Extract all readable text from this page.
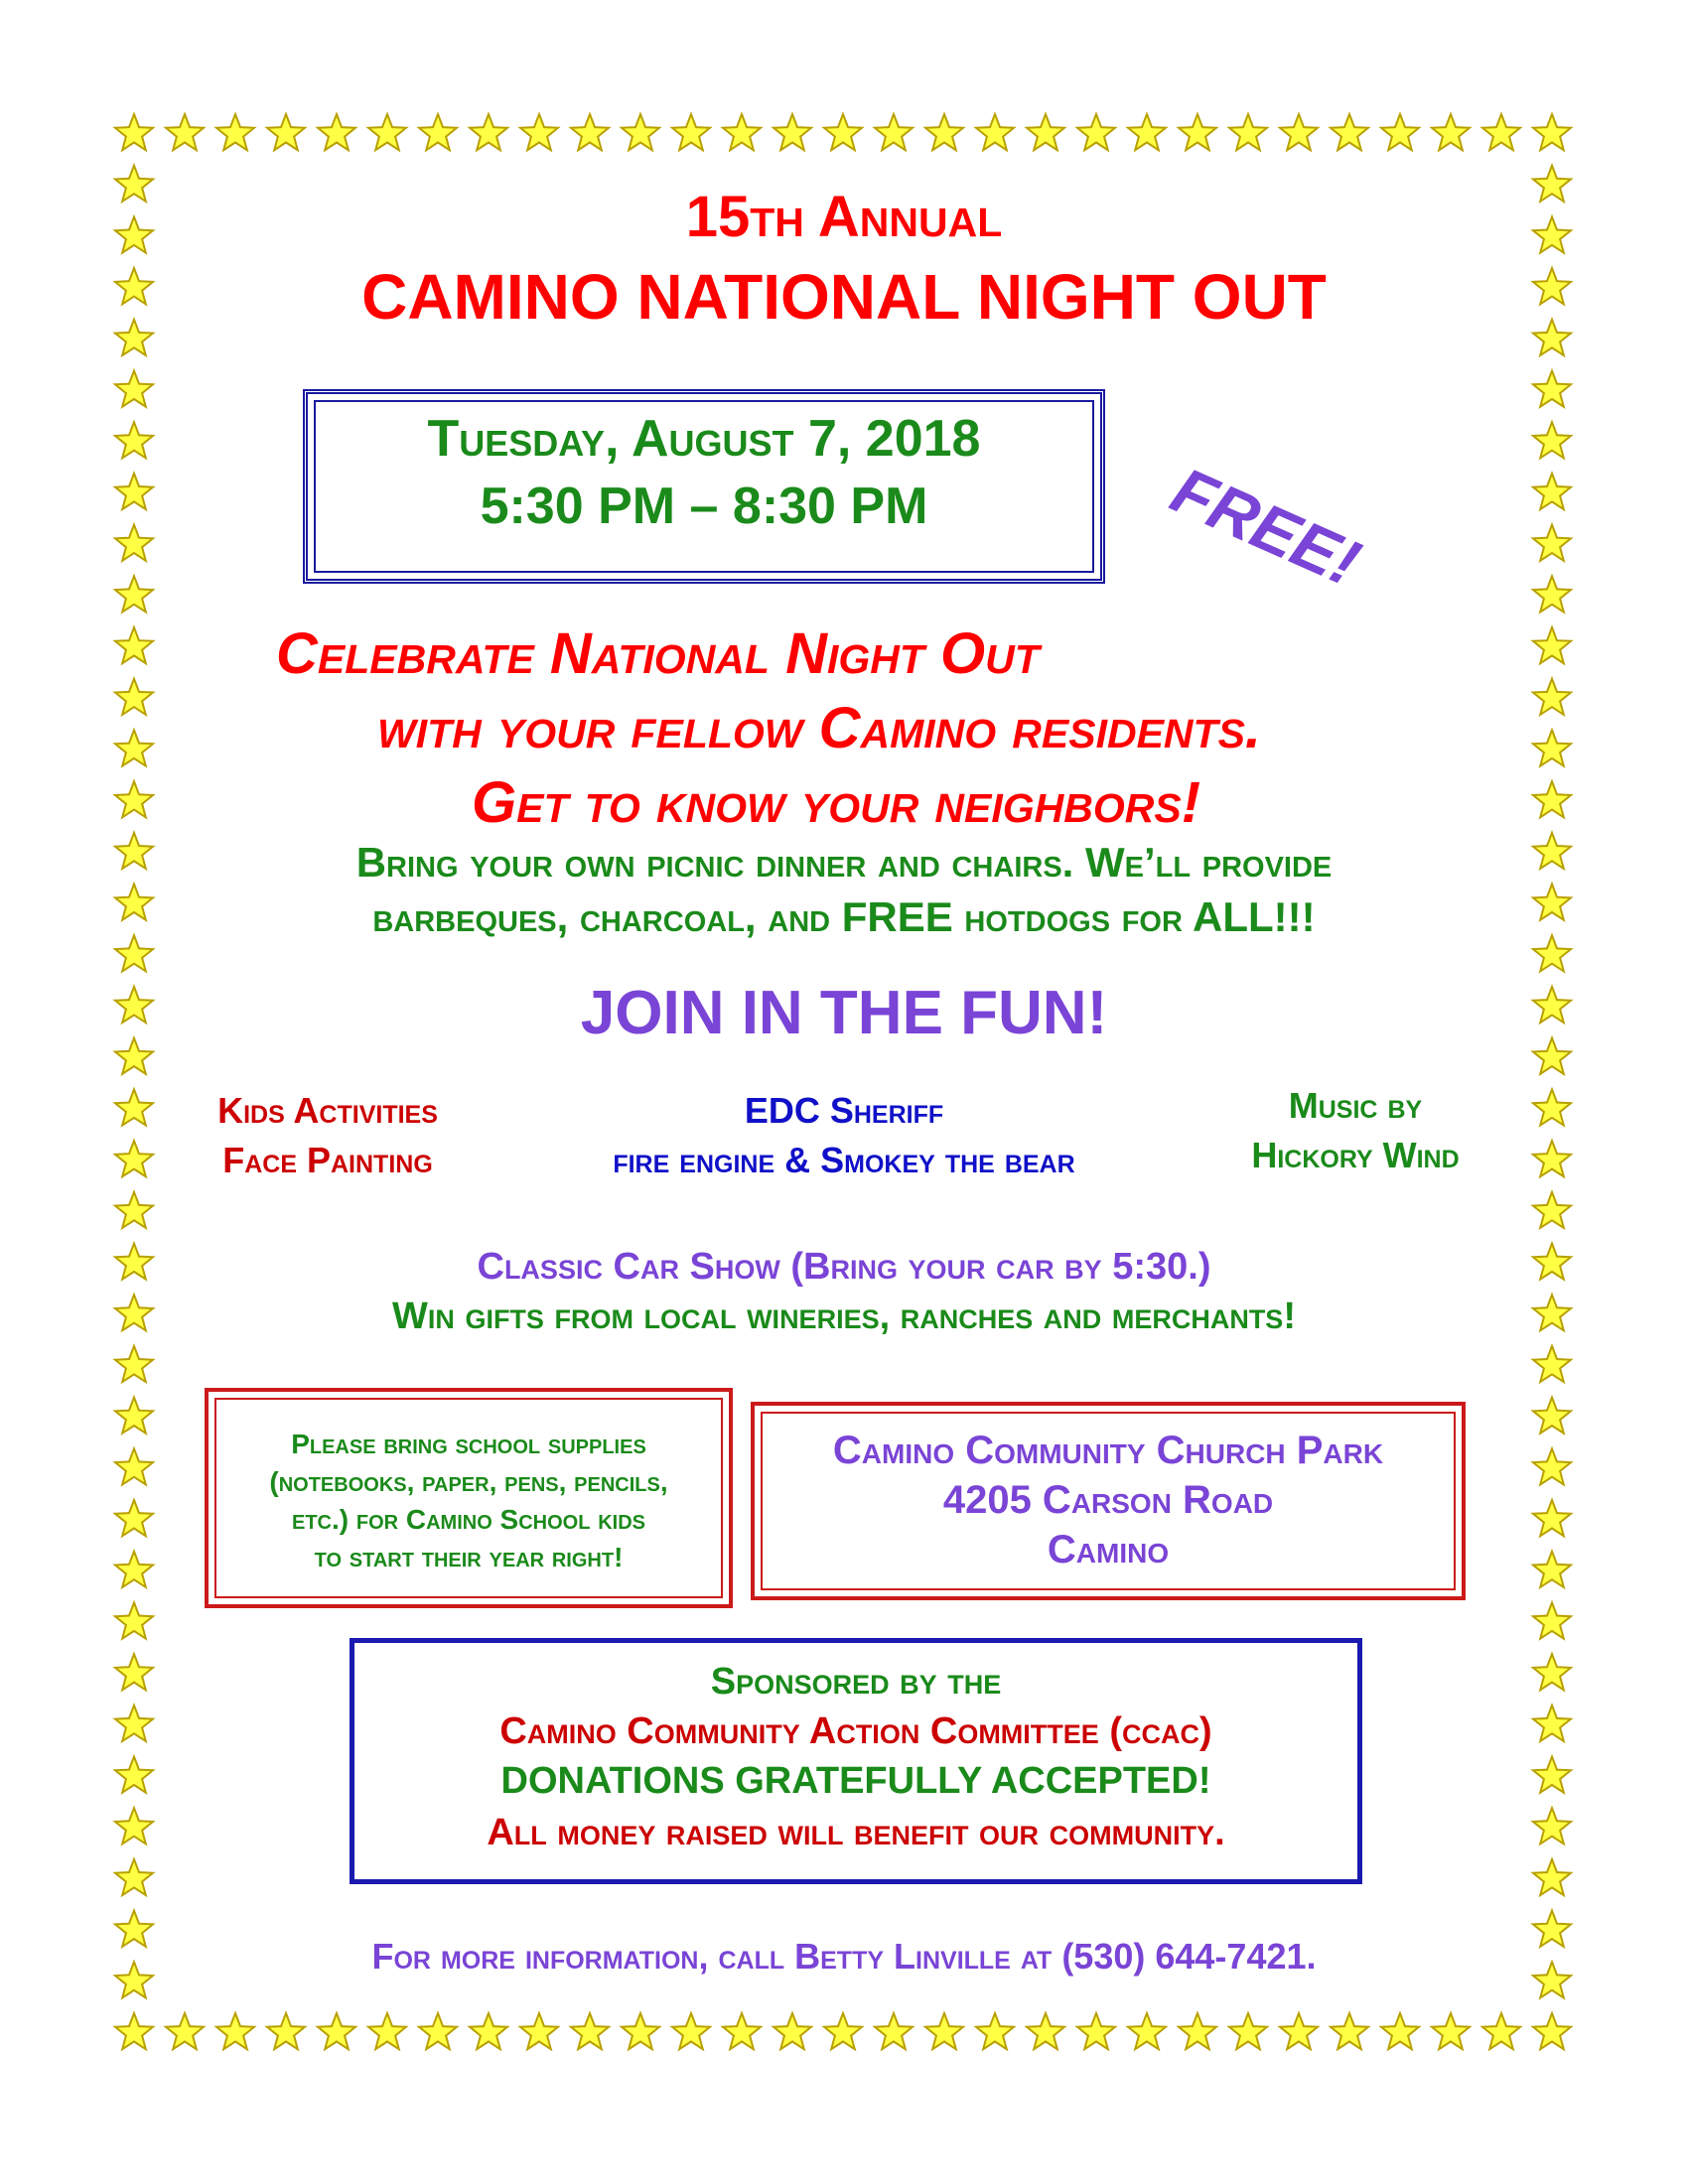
15th Annual
CAMINO NATIONAL NIGHT OUT
Tuesday, August 7, 2018
5:30 PM – 8:30 PM	FREE!
Celebrate National Night Out
with your fellow Camino residents.
Get to know your neighbors!
Bring your own picnic dinner and chairs. We’ll provide
barbeques, charcoal, and FREE hotdogs for ALL!!!
JOIN IN THE FUN!
Kids Activities
Face Painting
EDC Sheriff
fire engine & Smokey the bear
Music by
Hickory Wind
Classic Car Show (Bring your car by 5:30.)
Win gifts from local wineries, ranches and merchants!
Please bring school supplies
(notebooks, paper, pens, pencils,
etc.) for Camino School kids
to start their year right!
Camino Community Church Park
4205 Carson Road
Camino
Sponsored by the
Camino Community Action Committee (ccac)
DONATIONS GRATEFULLY ACCEPTED!
All money raised will benefit our community.
For more information, call Betty Linville at (530) 644-7421.
